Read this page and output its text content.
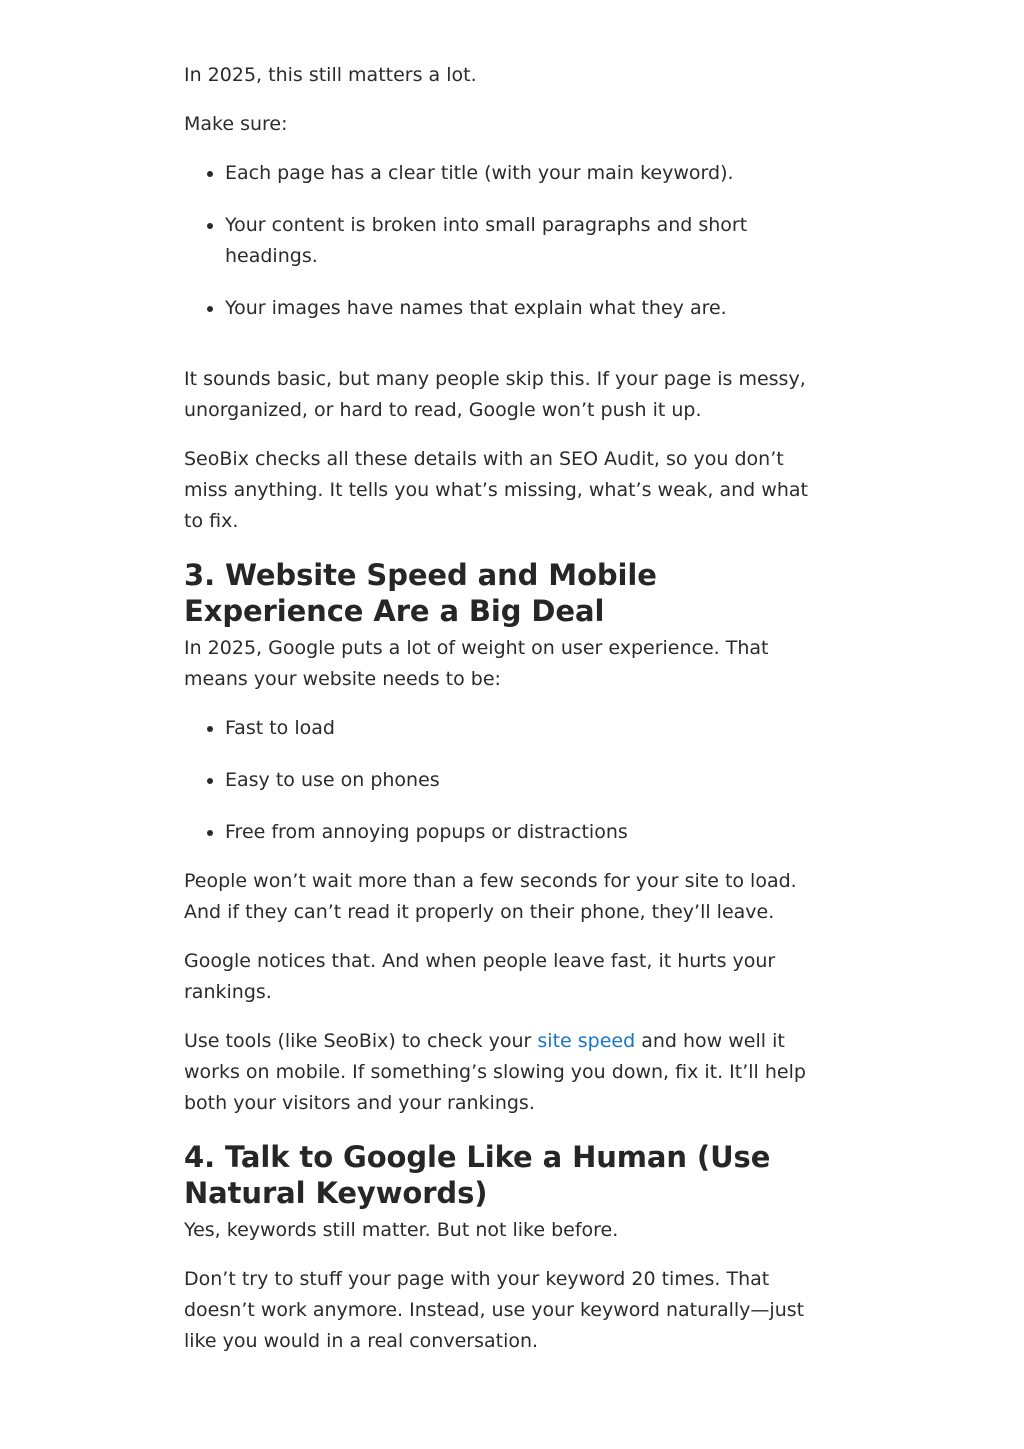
In 2025, this still matters a lot.

Make sure:

• Each page has a clear title (with your main keyword).
• Your content is broken into small paragraphs and short headings.
• Your images have names that explain what they are.

It sounds basic, but many people skip this. If your page is messy, unorganized, or hard to read, Google won’t push it up.

SeoBix checks all these details with an SEO Audit, so you don’t miss anything. It tells you what’s missing, what’s weak, and what to fix.

3. Website Speed and Mobile Experience Are a Big Deal

In 2025, Google puts a lot of weight on user experience. That means your website needs to be:

• Fast to load
• Easy to use on phones
• Free from annoying popups or distractions

People won’t wait more than a few seconds for your site to load. And if they can’t read it properly on their phone, they’ll leave.

Google notices that. And when people leave fast, it hurts your rankings.

Use tools (like SeoBix) to check your site speed and how well it works on mobile. If something’s slowing you down, fix it. It’ll help both your visitors and your rankings.

4. Talk to Google Like a Human (Use Natural Keywords)

Yes, keywords still matter. But not like before.

Don’t try to stuff your page with your keyword 20 times. That doesn’t work anymore. Instead, use your keyword naturally—just like you would in a real conversation.
